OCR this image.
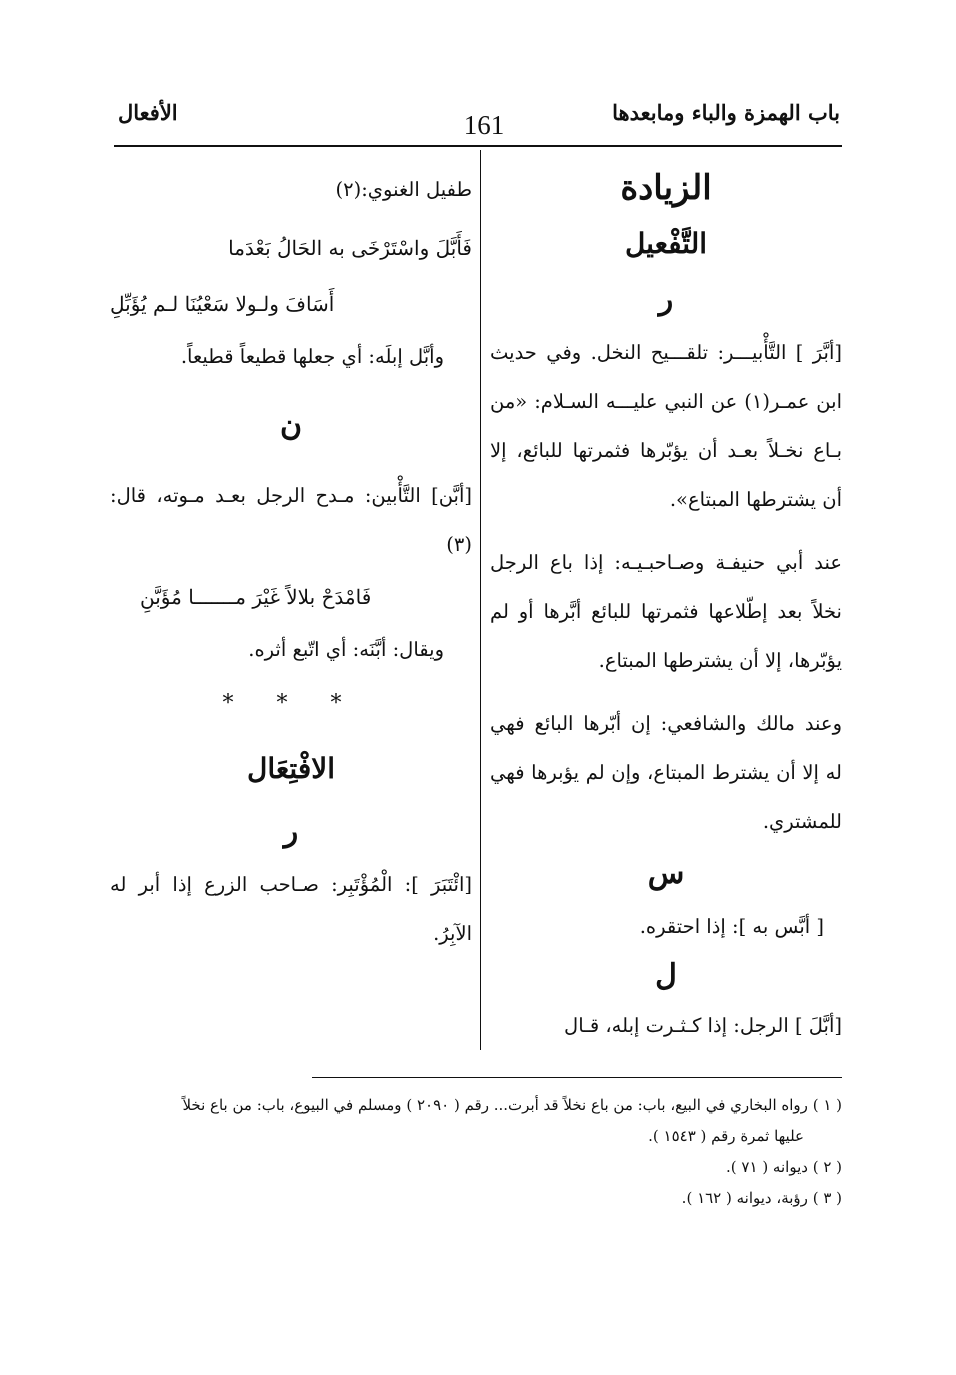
باب الهمزة والباء ومابعدها
161
الأفعال
الزيادة
التَّفْعيل
ر

[أبَّرَ ] التَّأْبيـــر: تلقـــيح النخل. وفي حديث ابن عمـر(١) عن النبي عليـــه السـلام: «من بـاع نخـلاً بعـد أن يؤبّرها فثمرتها للبائع، إلا أن يشترطها المبتاع».

عند أبي حنيفـة وصـاحبـيـه: إذا باع الرجل نخلاً بعد إطّلاعها فثمرتها للبائع أبَّرها أو لم يؤبّرها، إلا أن يشترطها المبتاع.

وعند مالك والشافعي: إن أبّرها البائع فهي له إلا أن يشترط المبتاع، وإن لم يؤبرها فهي للمشتري.

س

[ أبَّس به ]: إذا احتقره.

ل

[أبَّلَ ] الرجل: إذا كـثـرت إبله، قـال

طفيل الغنوي:(٢)

فَأَبَّلَ واسْتَرْخَى به الحَالُ بَعْدَما

أَسَافَ ولـولا سَعْيُنَا لـم يُؤَبِّلِ

وأبَّل إبلَه: أي جعلها قطيعاً قطيعاً.

ن

[أبَّن] التَّأْبين: مـدح الرجل بعـد مـوته، قال:(٣)

فَامْدَحْ بلالاً غَيْرَ مـــــــا مُؤَبَّنِ

ويقال: أبَّنَه: أي اتّبع أثره.

* * *
الافْتِعَال
ر

[ائْتَبَرَ ]: الْمُؤْتَبِر: صـاحب الزرع إذا أبر له الآبِرُ.

( ١ ) رواه البخاري في البيع، باب: من باع نخلاً قد أبرت... رقم ( ٢٠٩٠ ) ومسلم في البيوع، باب: من باع نخلاً

عليها ثمرة رقم ( ١٥٤٣ ).

( ٢ ) ديوانه ( ٧١ ).

( ٣ ) رؤبة، ديوانه ( ١٦٢ ).
